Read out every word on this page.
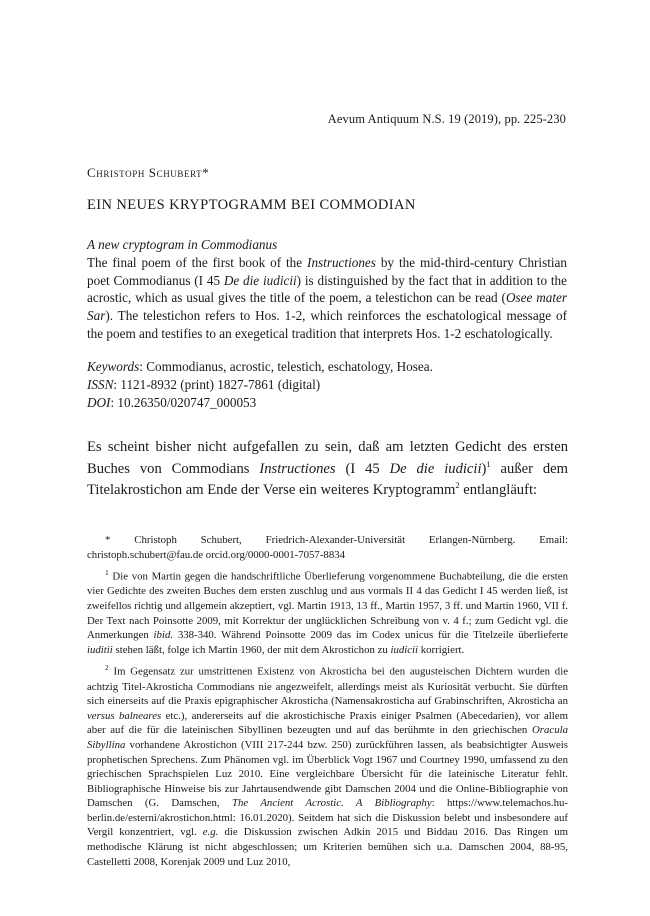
Aevum Antiquum N.S. 19 (2019), pp. 225-230
Christoph Schubert*
EIN NEUES KRYPTOGRAMM BEI COMMODIAN
A new cryptogram in Commodianus
The final poem of the first book of the Instructiones by the mid-third-century Christian poet Commodianus (I 45 De die iudicii) is distinguished by the fact that in addition to the acrostic, which as usual gives the title of the poem, a telestichon can be read (Osee mater Sar). The telestichon refers to Hos. 1-2, which reinforces the eschatological message of the poem and testifies to an exegetical tradition that interprets Hos. 1-2 eschatologically.
Keywords: Commodianus, acrostic, telestich, eschatology, Hosea.
ISSN: 1121-8932 (print) 1827-7861 (digital)
DOI: 10.26350/020747_000053
Es scheint bisher nicht aufgefallen zu sein, daß am letzten Gedicht des ersten Buches von Commodians Instructiones (I 45 De die iudicii)$^1$ außer dem Titelakrostichon am Ende der Verse ein weiteres Kryptogramm$^2$ entlangläuft:

* Christoph Schubert, Friedrich-Alexander-Universität Erlangen-Nürnberg. Email: christoph.schubert@fau.de orcid.org/0000-0001-7057-8834

$^1$ Die von Martin gegen die handschriftliche Überlieferung vorgenommene Buchabteilung, die die ersten vier Gedichte des zweiten Buches dem ersten zuschlug und aus vormals II 4 das Gedicht I 45 werden ließ, ist zweifellos richtig und allgemein akzeptiert, vgl. Martin 1913, 13 ff., Martin 1957, 3 ff. und Martin 1960, VII f. Der Text nach Poinsotte 2009, mit Korrektur der unglücklichen Schreibung von v. 4 f.; zum Gedicht vgl. die Anmerkungen ibid. 338-340. Während Poinsotte 2009 das im Codex unicus für die Titelzeile überlieferte iuditii stehen läßt, folge ich Martin 1960, der mit dem Akrostichon zu iudicii korrigiert.

$^2$ Im Gegensatz zur umstrittenen Existenz von Akrosticha bei den augusteischen Dichtern wurden die achtzig Titel-Akrosticha Commodians nie angezweifelt, allerdings meist als Kuriosität verbucht. Sie dürften sich einerseits auf die Praxis epigraphischer Akrosticha (Namensakrosticha auf Grabinschriften, Akrosticha an versus balneares etc.), andererseits auf die akrostichische Praxis einiger Psalmen (Abecedarien), vor allem aber auf die für die lateinischen Sibyllinen bezeugten und auf das berühmte in den griechischen Oracula Sibyllina vorhandene Akrostichon (VIII 217-244 bzw. 250) zurückführen lassen, als beabsichtigter Ausweis prophetischen Sprechens. Zum Phänomen vgl. im Überblick Vogt 1967 und Courtney 1990, umfassend zu den griechischen Sprachspielen Luz 2010. Eine vergleichbare Übersicht für die lateinische Literatur fehlt. Bibliographische Hinweise bis zur Jahrtausendwende gibt Damschen 2004 und die Online-Bibliographie von Damschen (G. Damschen, The Ancient Acrostic. A Bibliography: https://www.telemachos.hu-berlin.de/esterni/akrostichon.html: 16.01.2020). Seitdem hat sich die Diskussion belebt und insbesondere auf Vergil konzentriert, vgl. e.g. die Diskussion zwischen Adkin 2015 und Biddau 2016. Das Ringen um methodische Klärung ist nicht abgeschlossen; um Kriterien bemühen sich u.a. Damschen 2004, 88-95, Castelletti 2008, Korenjak 2009 und Luz 2010,
